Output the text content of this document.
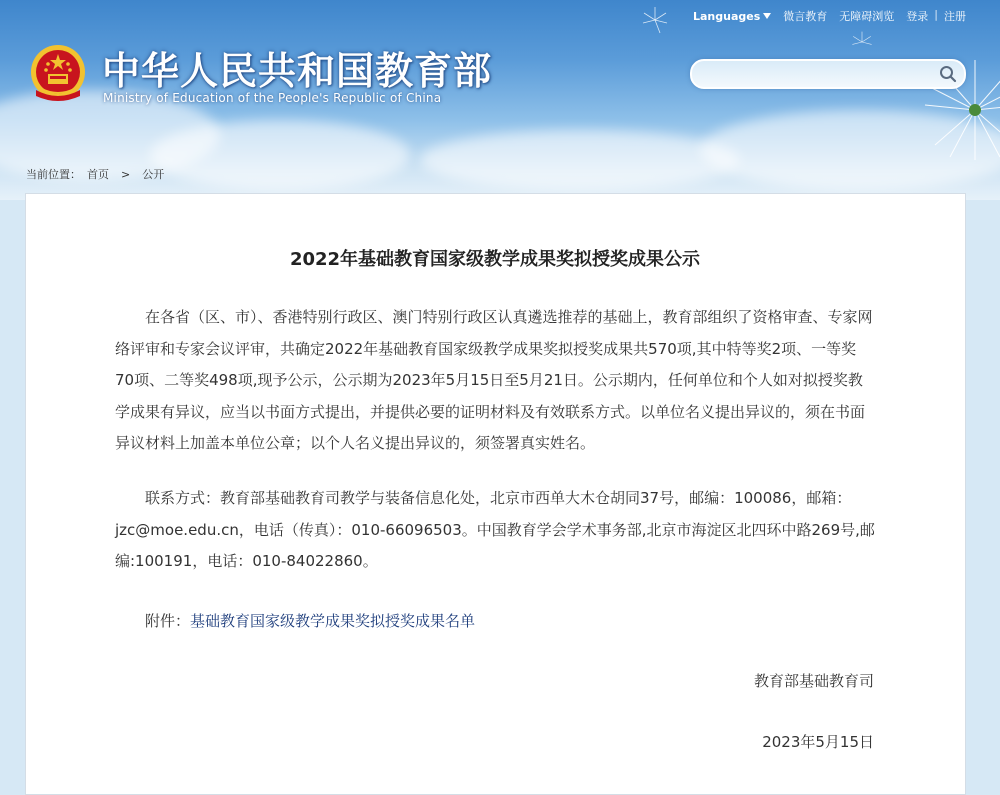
Languages 微言教育 无障碍浏览 登录 | 注册
中华人民共和国教育部
Ministry of Education of the People's Republic of China
当前位置： 首页 > 公开
2022年基础教育国家级教学成果奖拟授奖成果公示

在各省（区、市）、香港特别行政区、澳门特别行政区认真遴选推荐的基础上，教育部组织了资格审查、专家网络评审和专家会议评审，共确定2022年基础教育国家级教学成果奖拟授奖成果共570项,其中特等奖2项、一等奖70项、二等奖498项,现予公示，公示期为2023年5月15日至5月21日。公示期内，任何单位和个人如对拟授奖教学成果有异议，应当以书面方式提出，并提供必要的证明材料及有效联系方式。以单位名义提出异议的，须在书面异议材料上加盖本单位公章；以个人名义提出异议的，须签署真实姓名。

联系方式：教育部基础教育司教学与装备信息化处，北京市西单大木仓胡同37号，邮编：100086，邮箱：jzc@moe.edu.cn，电话（传真）：010-66096503。中国教育学会学术事务部,北京市海淀区北四环中路269号,邮编:100191，电话：010-84022860。

附件：基础教育国家级教学成果奖拟授奖成果名单
教育部基础教育司
2023年5月15日
